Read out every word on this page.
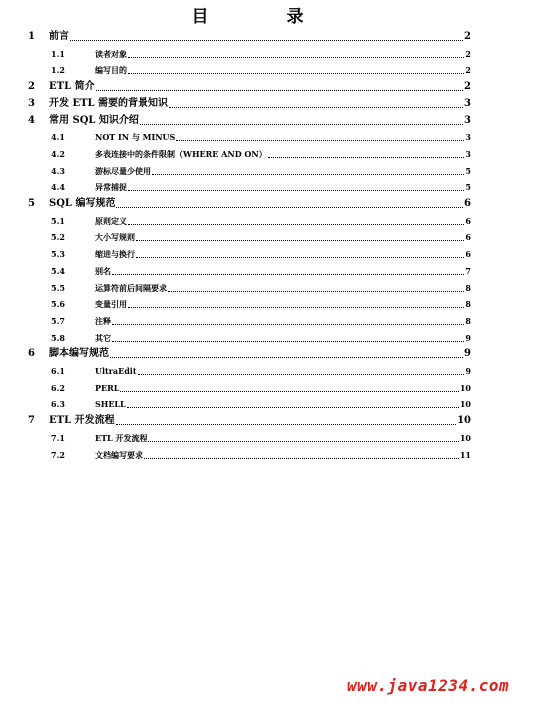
目 录
1 前言	2
1.1	读者对象	2
1.2	编写目的	2
2 ETL 简介	2
3 开发 ETL 需要的背景知识	3
4 常用 SQL 知识介绍	3
4.1	NOT IN 与 MINUS	3
4.2	多表连接中的条件限制（WHERE AND ON）	3
4.3	游标尽量少使用	5
4.4	异常捕捉	5
5 SQL 编写规范	6
5.1	原则定义	6
5.2	大小写规则	6
5.3	缩进与换行	6
5.4	别名	7
5.5	运算符前后间隔要求	8
5.6	变量引用	8
5.7	注释	8
5.8	其它	9
6 脚本编写规范	9
6.1	UltraEdit	9
6.2	PERL	10
6.3	SHELL	10
7 ETL 开发流程	10
7.1	ETL 开发流程	10
7.2	文档编写要求	11
www.java1234.com
